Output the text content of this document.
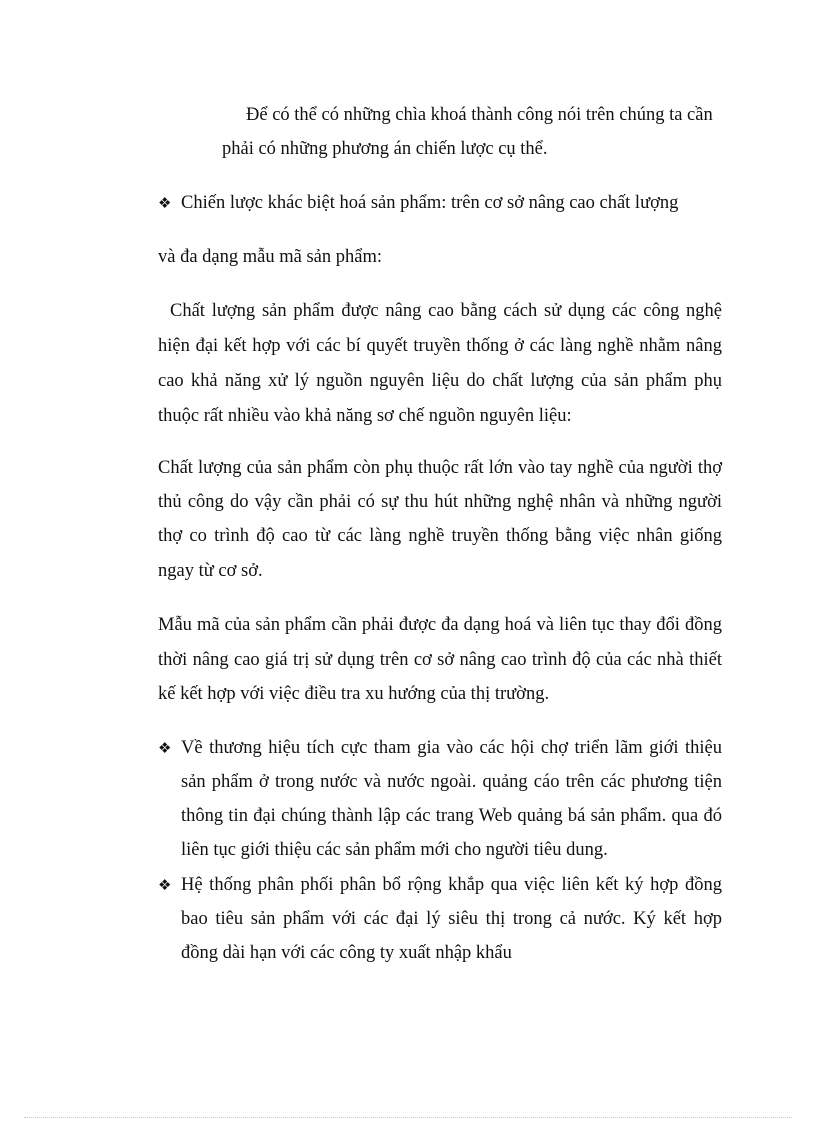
Để có thể có những chìa khoá thành công nói trên chúng ta cần
phải có những phương án chiến lược cụ thể.
❖ Chiến lược khác biệt hoá sản phẩm: trên cơ sở nâng cao chất lượng
và đa dạng mẫu mã sản phẩm:
Chất lượng sản phẩm được nâng cao bằng cách sử dụng các công nghệ
hiện đại kết hợp với các bí quyết truyền thống ở các làng nghề nhằm nâng
cao khả năng xử lý nguồn nguyên liệu do chất lượng của sản phẩm phụ
thuộc rất nhiều vào khả năng sơ chế nguồn nguyên liệu:
Chất lượng của sản phẩm còn phụ thuộc rất lớn vào tay nghề của người thợ
thủ công do vậy cần phải có sự thu hút những nghệ nhân và những người
thợ co trình độ cao từ các làng nghề truyền thống bằng việc nhân giống
ngay từ cơ sở.
Mẫu mã của sản phẩm cần phải được đa dạng hoá và liên tục thay đổi đồng
thời nâng cao giá trị sử dụng trên cơ sở nâng cao trình độ của các nhà thiết
kế kết hợp với việc điều tra xu hướng của thị trường.
❖ Về thương hiệu tích cực tham gia vào các hội chợ triển lãm giới thiệu
sản phẩm ở trong nước và nước ngoài. quảng cáo trên các phương tiện
thông tin đại chúng thành lập các trang Web quảng bá sản phẩm. qua đó
liên tục giới thiệu các sản phẩm mới cho người tiêu dung.
❖ Hệ thống phân phối phân bổ rộng khắp qua việc liên kết ký hợp đồng
bao tiêu sản phẩm với các đại lý siêu thị trong cả nước. Ký kết hợp
đồng dài hạn với các công ty xuất nhập khẩu
